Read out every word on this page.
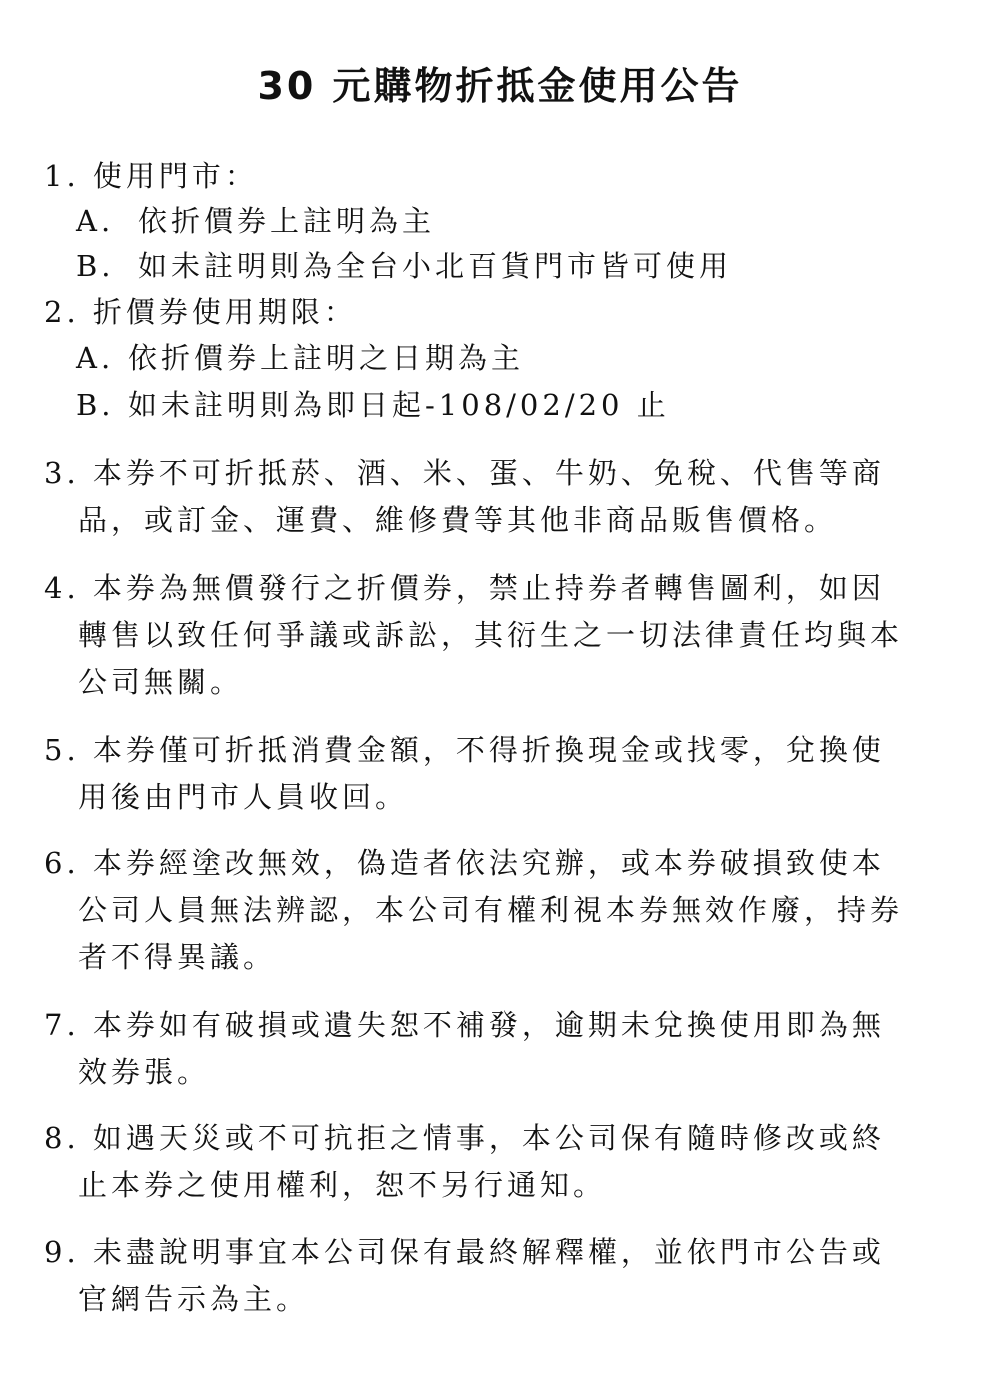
30 元購物折抵金使用公告
1. 使用門市：
A. 依折價券上註明為主
B. 如未註明則為全台小北百貨門市皆可使用
2. 折價券使用期限：
A. 依折價券上註明之日期為主
B. 如未註明則為即日起-108/02/20 止
3. 本券不可折抵菸、酒、米、蛋、牛奶、免稅、代售等商
品，或訂金、運費、維修費等其他非商品販售價格。
4. 本券為無價發行之折價券，禁止持券者轉售圖利，如因
轉售以致任何爭議或訴訟，其衍生之一切法律責任均與本
公司無關。
5. 本券僅可折抵消費金額，不得折換現金或找零，兌換使
用後由門市人員收回。
6. 本券經塗改無效，偽造者依法究辦，或本券破損致使本
公司人員無法辨認，本公司有權利視本券無效作廢，持券
者不得異議。
7. 本券如有破損或遺失恕不補發，逾期未兌換使用即為無
效券張。
8. 如遇天災或不可抗拒之情事，本公司保有隨時修改或終
止本券之使用權利，恕不另行通知。
9. 未盡說明事宜本公司保有最終解釋權，並依門市公告或
官網告示為主。
